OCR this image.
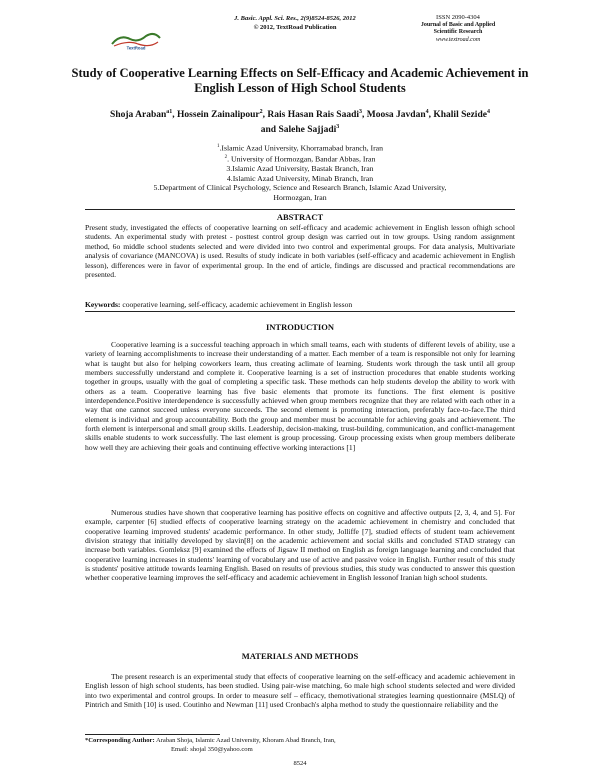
TextRoad
J. Basic. Appl. Sci. Res., 2(9)8524-8526, 2012
© 2012, TextRoad Publication
ISSN 2090-4304
Journal of Basic and Applied
Scientific Research
www.textroad.com
Study of Cooperative Learning Effects on Self-Efficacy and Academic Achievement in English Lesson of High School Students
Shoja Araban$^{a1}$, Hossein Zainalipour$^2$, Rais Hasan Rais Saadi$^3$, Moosa Javdan$^4$, Khalil Sezide$^4$
and Salehe Sajjadi$^3$
$^1$.Islamic Azad University, Khorramabad branch, Iran
$^2$. University of Hormozgan, Bandar Abbas, Iran
3.Islamic Azad University, Bastak Branch, Iran
4.Islamic Azad University, Minab Branch, Iran
5.Department of Clinical Psychology, Science and Research Branch, Islamic Azad University,
Hormozgan, Iran
ABSTRACT
Present study, investigated the effects of cooperative learning on self-efficacy and academic achievement in English lesson ofhigh school students. An experimental study with pretest - posttest control group design was carried out in tow groups. Using random assignment method, 6o middle school students selected and were divided into two control and experimental groups. For data analysis, Multivariate analysis of covariance (MANCOVA) is used. Results of study indicate in both variables (self-efficacy and academic achievement in English lesson), differences were in favor of experimental group. In the end of article, findings are discussed and practical recommendations are presented.
Keywords: cooperative learning, self-efficacy, academic achievement in English lesson
INTRODUCTION
Cooperative learning is a successful teaching approach in which small teams, each with students of different levels of ability, use a variety of learning accomplishments to increase their understanding of a matter. Each member of a team is responsible not only for learning what is taught but also for helping coworkers learn, thus creating aclimate of learning. Students work through the task until all group members successfully understand and complete it. Cooperative learning is a set of instruction procedures that enable students working together in groups, usually with the goal of completing a specific task. These methods can help students develop the ability to work with others as a team. Cooperative learning has five basic elements that promote its functions. The first element is positive interdependence.Positive interdependence is successfully achieved when group members recognize that they are related with each other in a way that one cannot succeed unless everyone succeeds. The second element is promoting interaction, preferably face-to-face.The third element is individual and group accountability. Both the group and member must be accountable for achieving goals and achievement. The forth element is interpersonal and small group skills. Leadership, decision-making, trust-building, communication, and conflict-management skills enable students to work successfully. The last element is group processing. Group processing exists when group members deliberate how well they are achieving their goals and continuing effective working interactions [1]
Numerous studies have shown that cooperative learning has positive effects on cognitive and affective outputs [2, 3, 4, and 5]. For example, carpenter [6] studied effects of cooperative learning strategy on the academic achievement in chemistry and concluded that cooperative learning improved students' academic performance. In other study, Jolliffe [7], studied effects of student team achievement division strategy that initially developed by slavin[8] on the academic achievement and social skills and concluded STAD strategy can increase both variables. Gomleksz [9] examined the effects of Jigsaw II method on English as foreign language learning and concluded that cooperative learning increases in students' learning of vocabulary and use of active and passive voice in English. Further result of this study is students' positive attitude towards learning English. Based on results of previous studies, this study was conducted to answer this question whether cooperative learning improves the self-efficacy and academic achievement in English lessonof Iranian high school students.
MATERIALS AND METHODS
The present research is an experimental study that effects of cooperative learning on the self-efficacy and academic achievement in English lesson of high school students, has been studied. Using pair-wise matching, 6o male high school students selected and were divided into two experimental and control groups. In order to measure self – efficacy, themotivational strategies learning questionnaire (MSLQ) of Pintrich and Smith [10] is used. Coutinho and Newman [11] used Cronbach's alpha method to study the questionnaire reliability and the
*Corresponding Author: Araban Shoja, Islamic Azad University, Khoram Abad Branch, Iran,
Email: shojal 350@yahoo.com
8524
